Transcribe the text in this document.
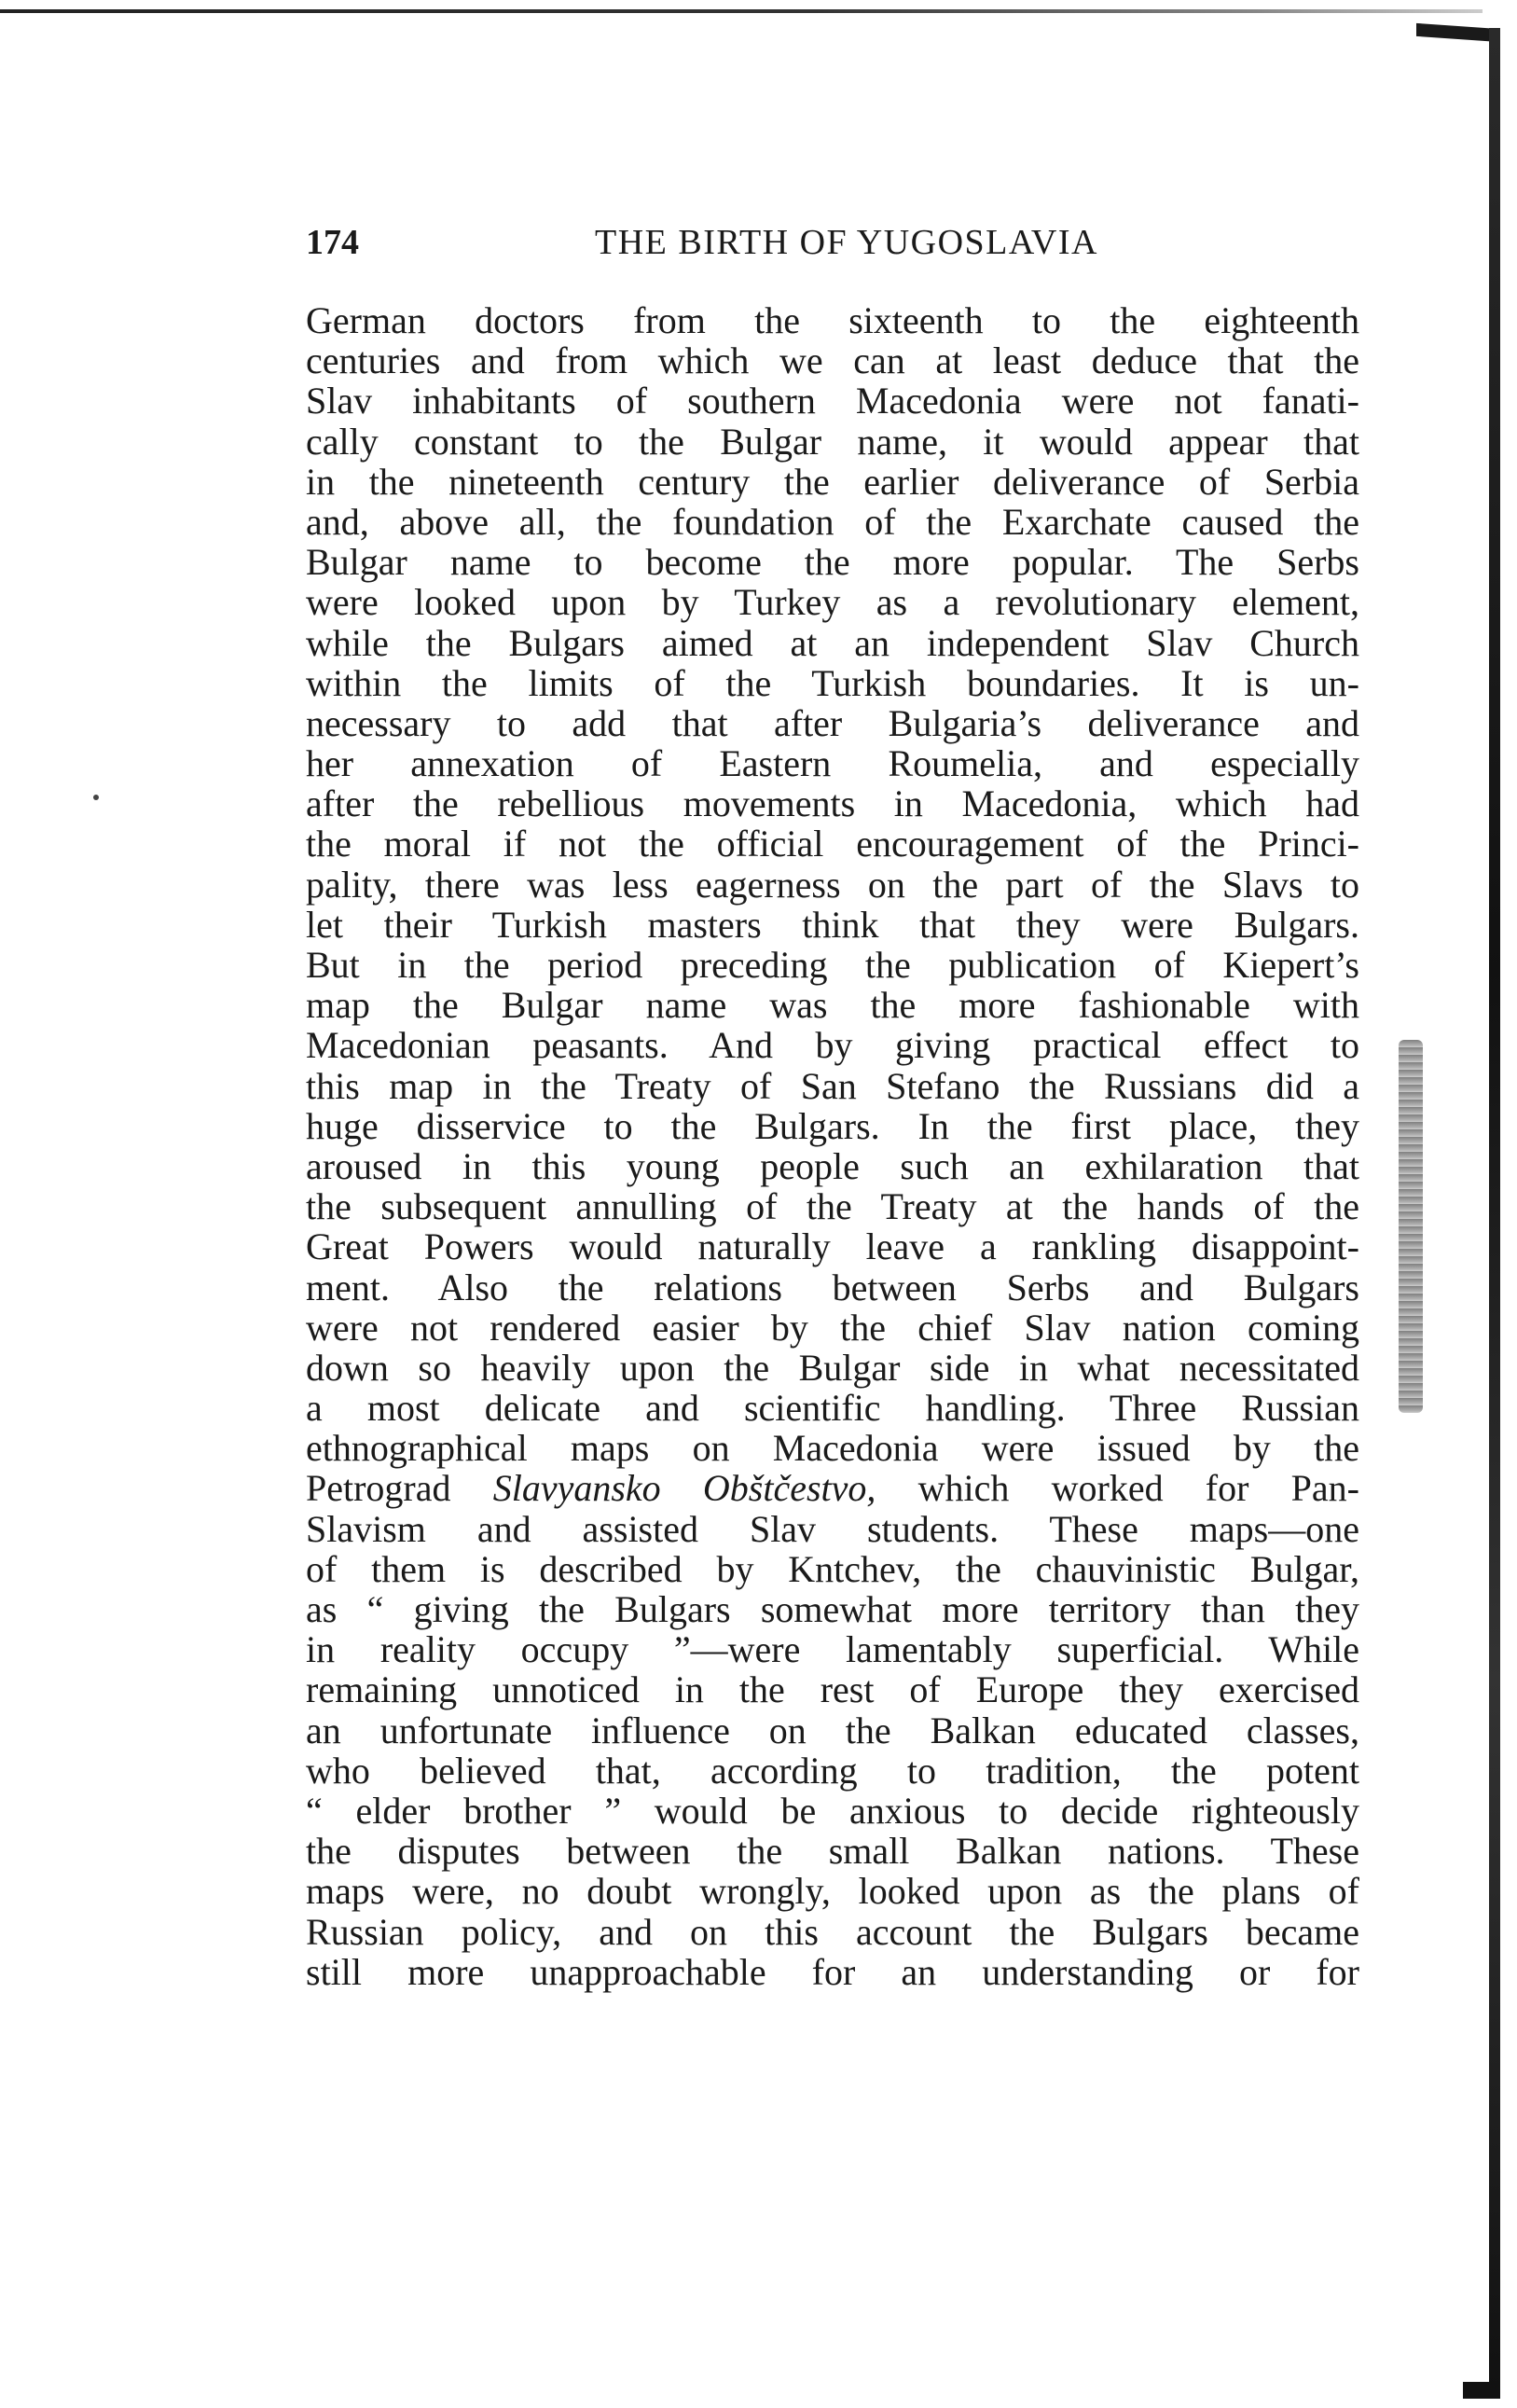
174	THE BIRTH OF YUGOSLAVIA
German doctors from the sixteenth to the eighteenth
centuries and from which we can at least deduce that the
Slav inhabitants of southern Macedonia were not fanati-
cally constant to the Bulgar name, it would appear that
in the nineteenth century the earlier deliverance of Serbia
and, above all, the foundation of the Exarchate caused the
Bulgar name to become the more popular. The Serbs
were looked upon by Turkey as a revolutionary element,
while the Bulgars aimed at an independent Slav Church
within the limits of the Turkish boundaries. It is un-
necessary to add that after Bulgaria’s deliverance and
her annexation of Eastern Roumelia, and especially
after the rebellious movements in Macedonia, which had
the moral if not the official encouragement of the Princi-
pality, there was less eagerness on the part of the Slavs to
let their Turkish masters think that they were Bulgars.
But in the period preceding the publication of Kiepert’s
map the Bulgar name was the more fashionable with
Macedonian peasants. And by giving practical effect to
this map in the Treaty of San Stefano the Russians did a
huge disservice to the Bulgars. In the first place, they
aroused in this young people such an exhilaration that
the subsequent annulling of the Treaty at the hands of the
Great Powers would naturally leave a rankling disappoint-
ment. Also the relations between Serbs and Bulgars
were not rendered easier by the chief Slav nation coming
down so heavily upon the Bulgar side in what necessitated
a most delicate and scientific handling. Three Russian
ethnographical maps on Macedonia were issued by the
Petrograd Slavyansko Obštčestvo, which worked for Pan-
Slavism and assisted Slav students. These maps—one
of them is described by Kntchev, the chauvinistic Bulgar,
as “ giving the Bulgars somewhat more territory than they
in reality occupy ”—were lamentably superficial. While
remaining unnoticed in the rest of Europe they exercised
an unfortunate influence on the Balkan educated classes,
who believed that, according to tradition, the potent
“ elder brother ” would be anxious to decide righteously
the disputes between the small Balkan nations. These
maps were, no doubt wrongly, looked upon as the plans of
Russian policy, and on this account the Bulgars became
still more unapproachable for an understanding or for
